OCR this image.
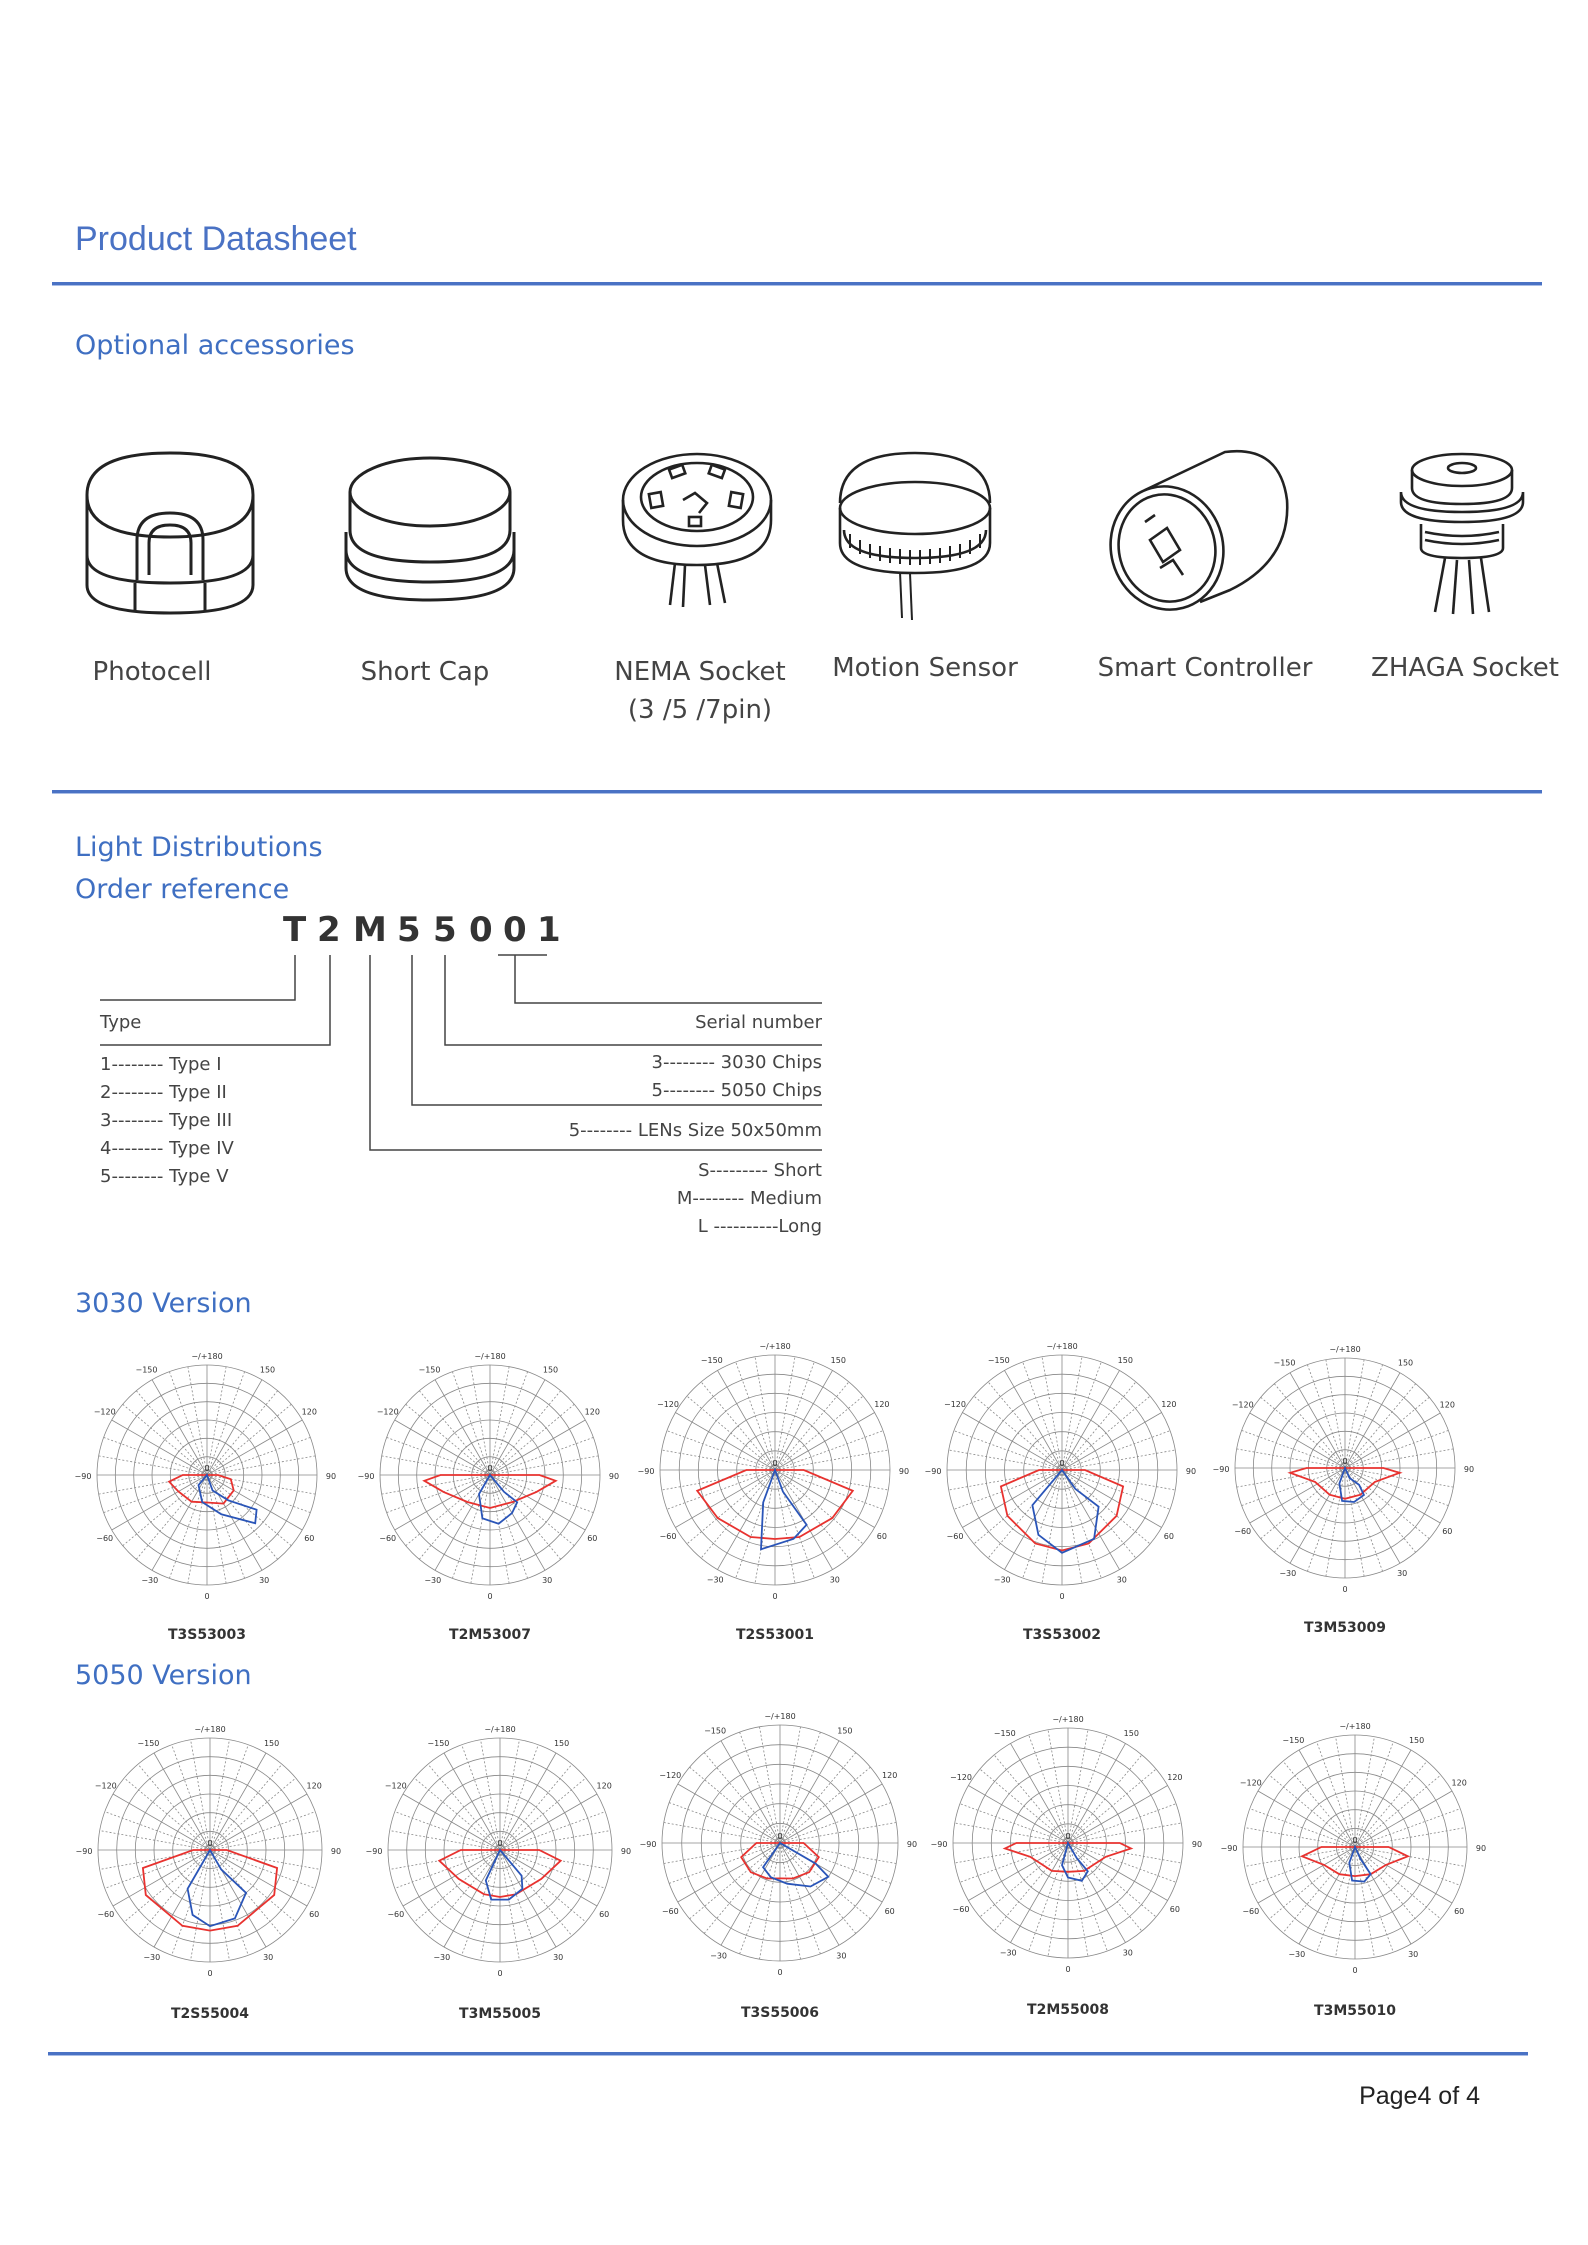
Product Datasheet
Optional accessories
Photocell	Short Cap	NEMA Socket
(3 /5 /7pin)
Motion Sensor	Smart Controller	ZHAGA Socket
Light Distributions
Order reference
T 2 M 5 5 0 0 1
Type
1-------- Type I
2-------- Type II
3-------- Type III
4-------- Type IV
5-------- Type V
Serial number
3-------- 3030 Chips
5-------- 5050 Chips
5-------- LENs Size 50x50mm
S--------- Short
M-------- Medium
L ----------Long
3030 Version
−/+180
−150	150
−120	120
−90	90
−60	60
−30	30
0
0
T3S53003
−/+180
−150	150
−120	120
−90	90
−60	60
−30	30
0
0
T2M53007
−/+180
−150	150
−120	120
−90	90
−60	60
−30	30
0
0
T2S53001
−/+180
−150	150
−120	120
−90	90
−60	60
−30	30
0
0
T3S53002
−/+180
−150	150
−120	120
−90	90
−60	60
−30	30
0
0
T3M53009
5050 Version
−/+180
−150	150
−120	120
−90	90
−60	60
−30	30
0
0
T2S55004
−/+180
−150	150
−120	120
−90	90
−60	60
−30	30
0
0
T3M55005
−/+180
−150	150
−120	120
−90	90
−60	60
−30	30
0
0
T3S55006
−/+180
−150	150
−120	120
−90	90
−60	60
−30	30
0
0
T2M55008
−/+180
−150	150
−120	120
−90	90
−60	60
−30	30
0
0
T3M55010
Page4 of 4
